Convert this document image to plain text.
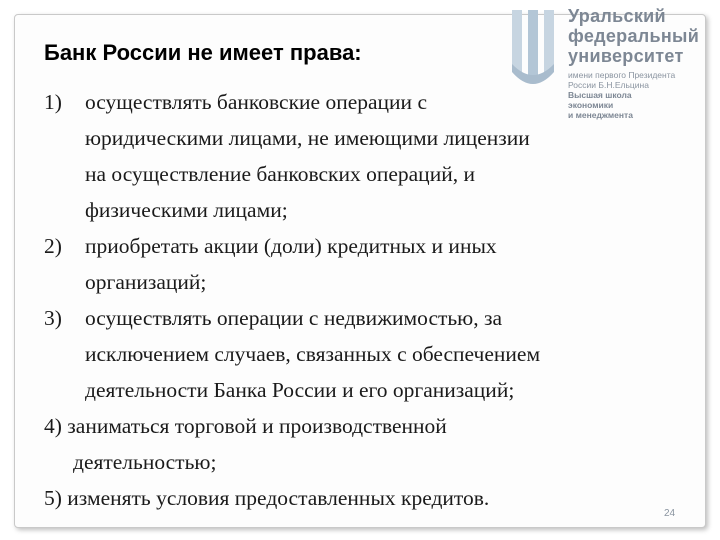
Уральский
федеральный
университет
имени первого Президента
России Б.Н.Ельцина
Высшая школа
экономики
и менеджмента
Банк России не имеет права:
1) осуществлять банковские операции с
юридическими лицами, не имеющими лицензии
на осуществление банковских операций, и
физическими лицами;
2) приобретать акции (доли) кредитных и иных
организаций;
3) осуществлять операции с недвижимостью, за
исключением случаев, связанных с обеспечением
деятельности Банка России и его организаций;
4) заниматься торговой и производственной
деятельностью;
5) изменять условия предоставленных кредитов.
24
